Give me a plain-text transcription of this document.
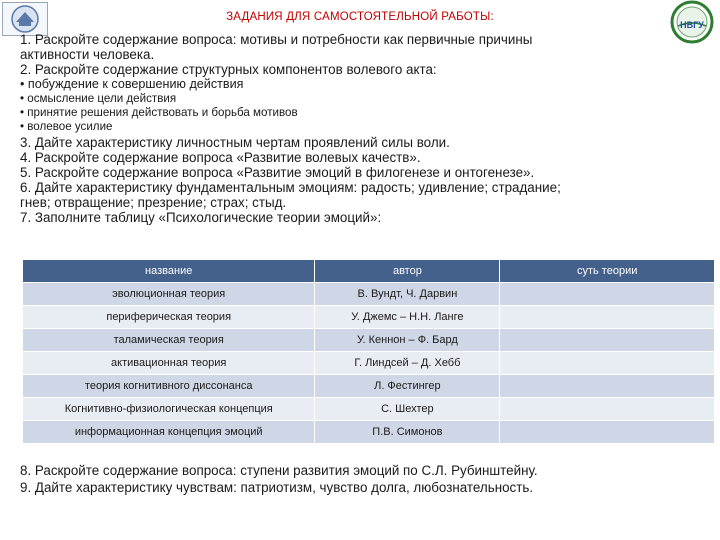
НВГУ
ЗАДАНИЯ ДЛЯ САМОСТОЯТЕЛЬНОЙ РАБОТЫ:

1. Раскройте содержание вопроса: мотивы и потребности как первичные причины

активности человека.

2. Раскройте содержание структурных компонентов волевого акта:

• побуждение к совершению действия

• осмысление цели действия

• принятие решения действовать и борьба мотивов

• волевое усилие

3. Дайте характеристику личностным чертам проявлений силы воли.

4. Раскройте содержание вопроса «Развитие волевых качеств».

5. Раскройте содержание вопроса «Развитие эмоций в филогенезе и онтогенезе».

6. Дайте характеристику фундаментальным эмоциям: радость; удивление; страдание;

гнев; отвращение; презрение; страх; стыд.

7. Заполните таблицу «Психологические теории эмоций»:

название	автор	суть теории
эволюционная теория	В. Вундт, Ч. Дарвин	
периферическая теория	У. Джемс – Н.Н. Ланге	
таламическая теория	У. Кеннон – Ф. Бард	
активационная теория	Г. Линдсей – Д. Хебб	
теория когнитивного диссонанса	Л. Фестингер	
Когнитивно-физиологическая концепция	С. Шехтер	
информационная концепция эмоций	П.В. Симонов	

8. Раскройте содержание вопроса: ступени развития эмоций по С.Л. Рубинштейну.

9. Дайте характеристику чувствам: патриотизм, чувство долга, любознательность.
